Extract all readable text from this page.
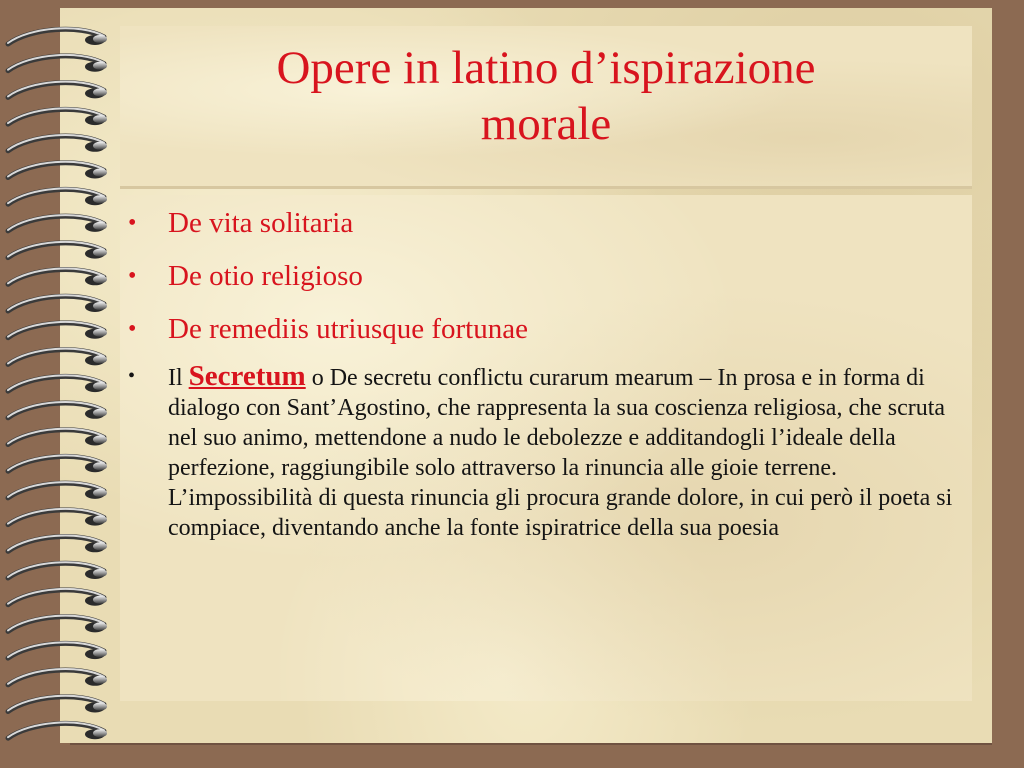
Opere in latino d’ispirazione
morale
• De vita solitaria
• De otio religioso
• De remediis utriusque fortunae
• Il Secretum o De secretu conflictu curarum mearum – In prosa e in forma di dialogo con Sant’Agostino, che rappresenta la sua coscienza religiosa, che scruta nel suo animo, mettendone a nudo le debolezze e additandogli l’ideale della perfezione, raggiungibile solo attraverso la rinuncia alle gioie terrene. L’impossibilità di questa rinuncia gli procura grande dolore, in cui però il poeta si compiace, diventando anche la fonte ispiratrice della sua poesia
